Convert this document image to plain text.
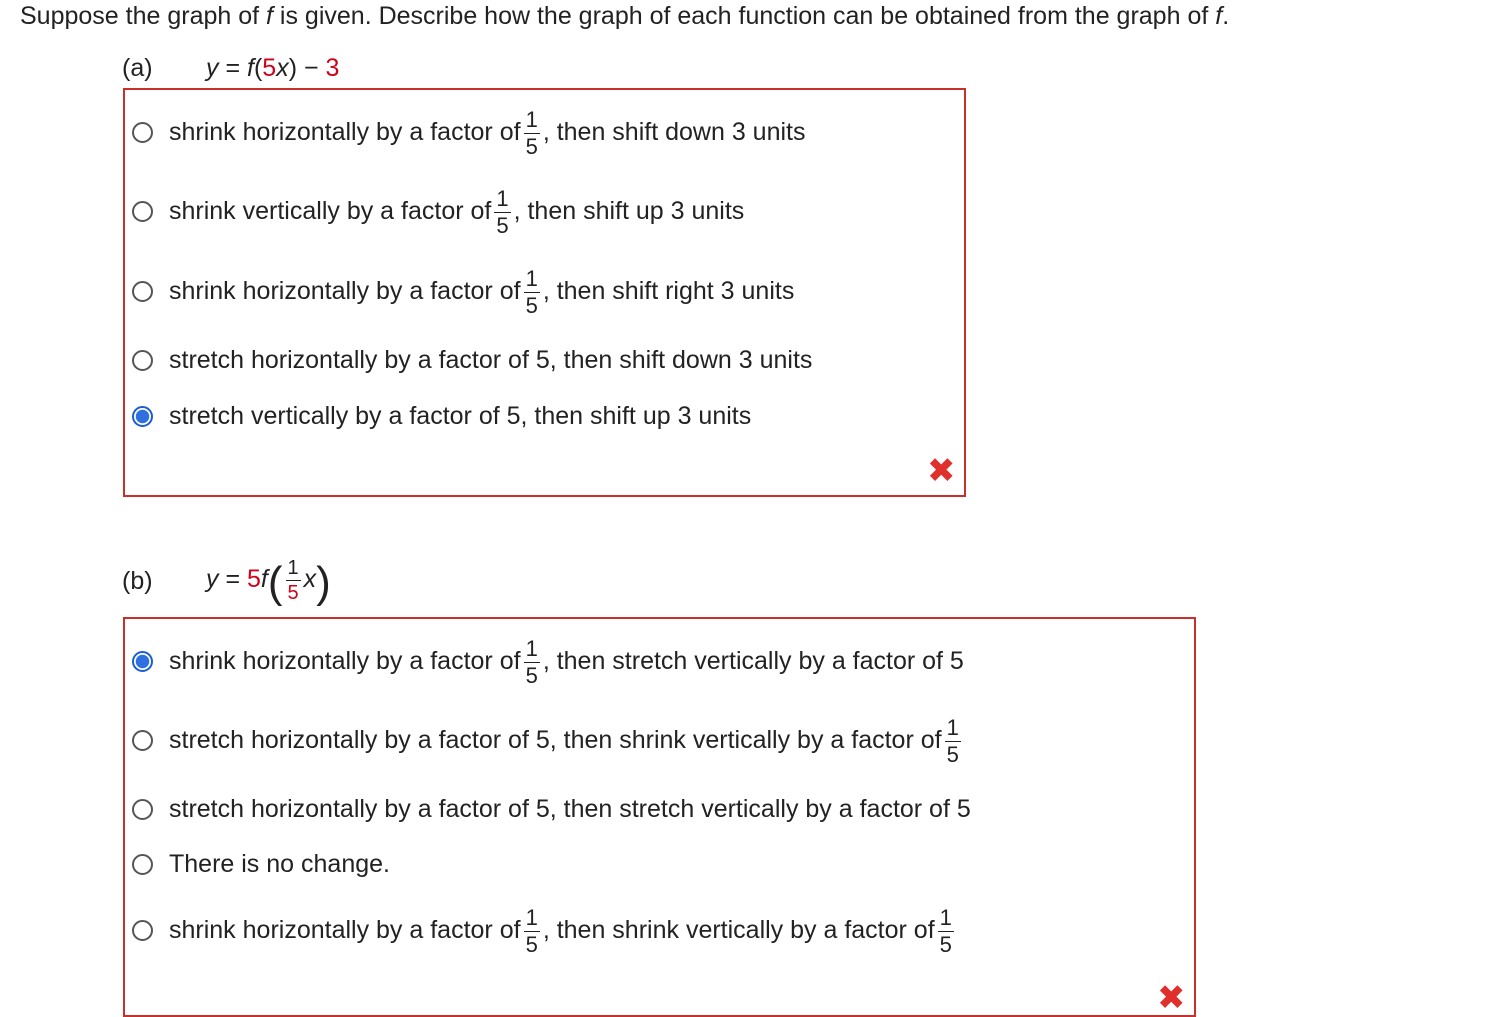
Suppose the graph of f is given. Describe how the graph of each function can be obtained from the graph of f.
(a) y = f(5x) − 3
shrink horizontally by a factor of $\frac{1}{5}$ , then shift down 3 units
shrink vertically by a factor of $\frac{1}{5}$ , then shift up 3 units
shrink horizontally by a factor of $\frac{1}{5}$ , then shift right 3 units
stretch horizontally by a factor of 5, then shift down 3 units
stretch vertically by a factor of 5, then shift up 3 units
✖
(b) y = 5 f ( $\frac{1}{5}$ x )
shrink horizontally by a factor of $\frac{1}{5}$ , then stretch vertically by a factor of 5
stretch horizontally by a factor of 5, then shrink vertically by a factor of $\frac{1}{5}$
stretch horizontally by a factor of 5, then stretch vertically by a factor of 5
There is no change.
shrink horizontally by a factor of $\frac{1}{5}$ , then shrink vertically by a factor of $\frac{1}{5}$
✖
